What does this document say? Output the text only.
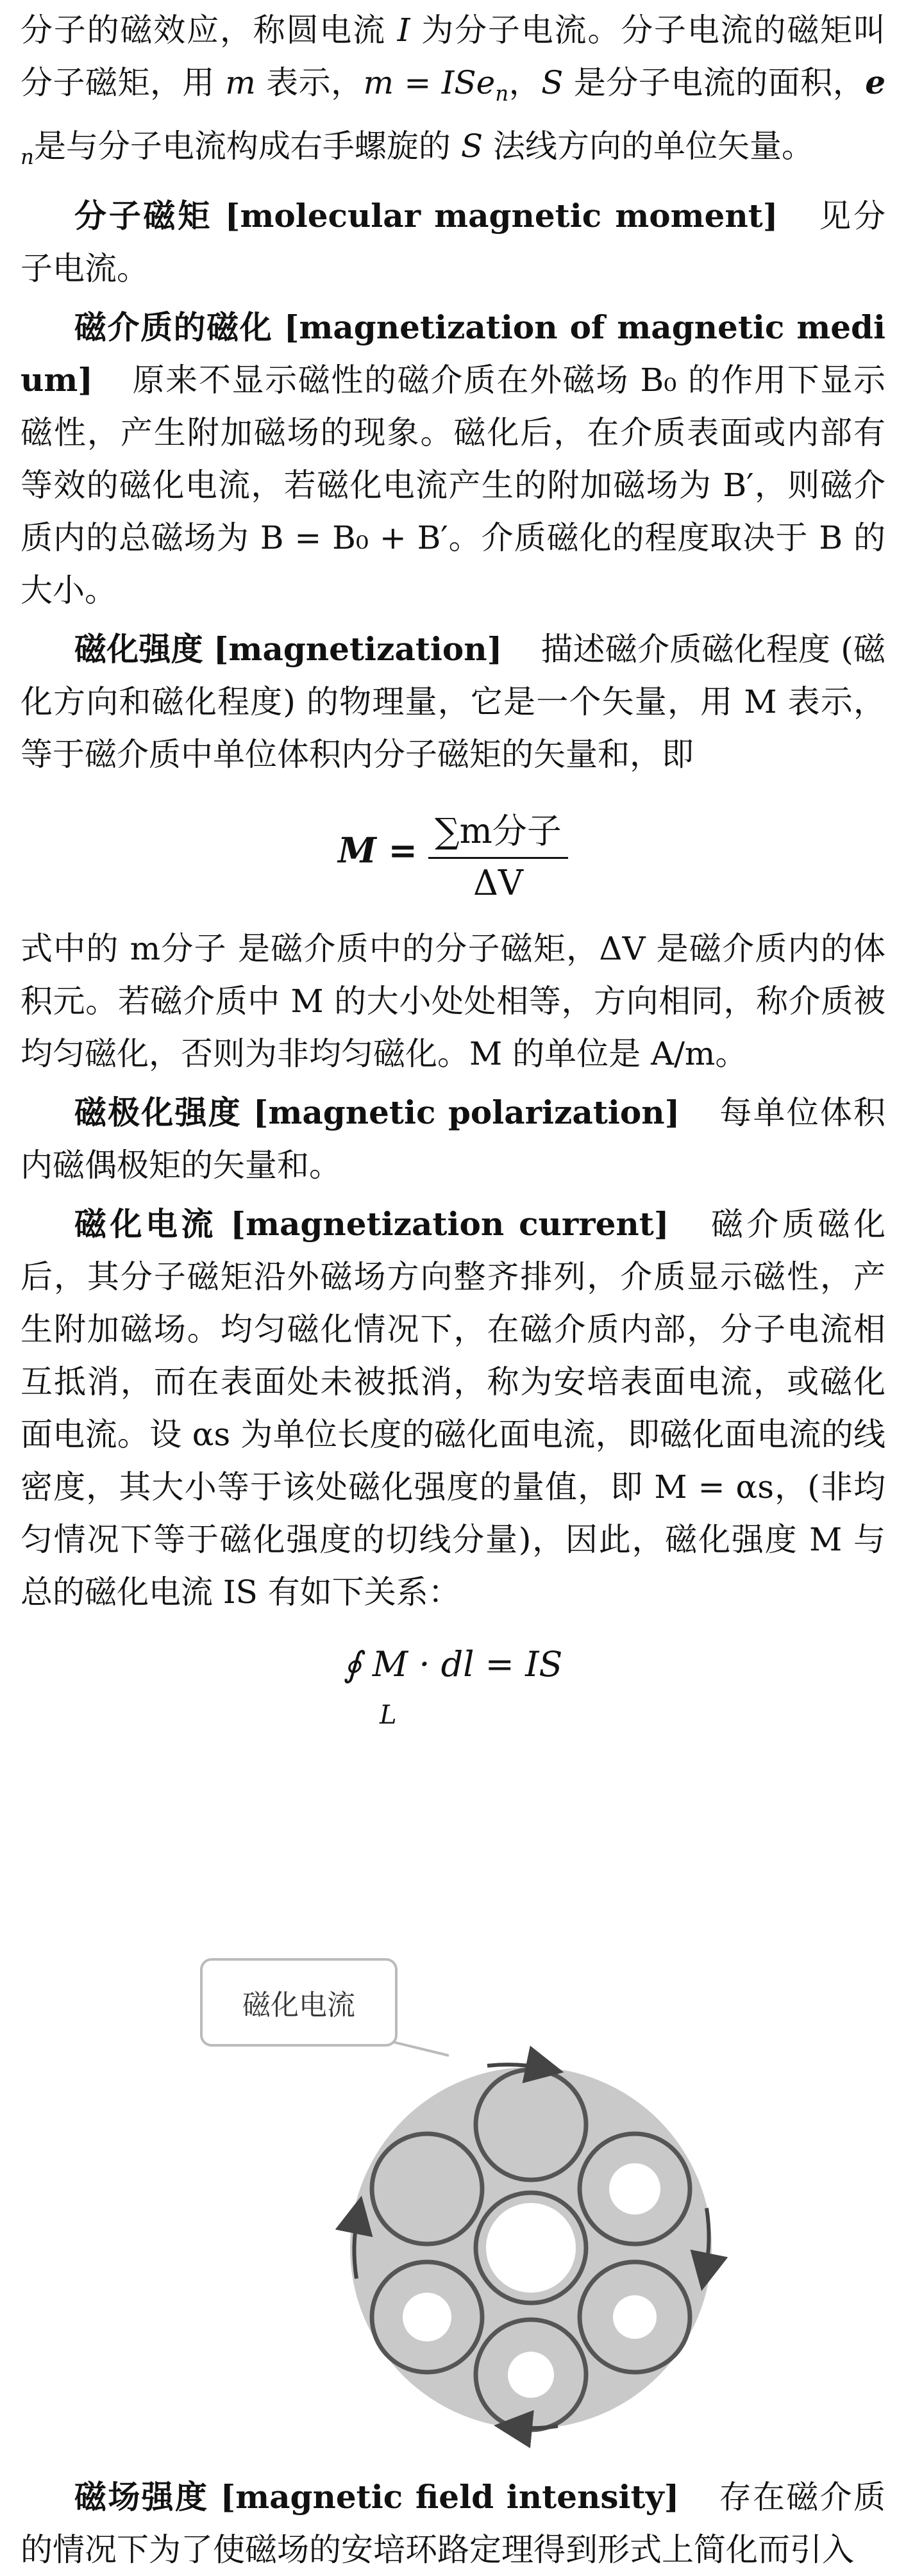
分子的磁效应，称圆电流 I 为分子电流。分子电流的磁矩叫分子磁矩，用 m 表示，m = ISe$_n$，S 是分子电流的面积，$e_n$是与分子电流构成右手螺旋的 S 法线方向的单位矢量。

分子磁矩 [molecular magnetic moment] 见分子电流。

磁介质的磁化 [magnetization of magnetic medium] 原来不显示磁性的磁介质在外磁场 B₀ 的作用下显示磁性，产生附加磁场的现象。磁化后，在介质表面或内部有等效的磁化电流，若磁化电流产生的附加磁场为 B′，则磁介质内的总磁场为 B = B₀ + B′。介质磁化的程度取决于 B 的大小。

磁化强度 [magnetization] 描述磁介质磁化程度 (磁化方向和磁化程度) 的物理量，它是一个矢量，用 M 表示，等于磁介质中单位体积内分子磁矩的矢量和，即

$M = \frac{\text{∑m分子}}{\Delta V}$

式中的 m分子 是磁介质中的分子磁矩，ΔV 是磁介质内的体积元。若磁介质中 M 的大小处处相等，方向相同，称介质被均匀磁化，否则为非均匀磁化。M 的单位是 A/m。

磁极化强度 [magnetic polarization] 每单位体积内磁偶极矩的矢量和。

磁化电流 [magnetization current] 磁介质磁化后，其分子磁矩沿外磁场方向整齐排列，介质显示磁性，产生附加磁场。均匀磁化情况下，在磁介质内部，分子电流相互抵消，而在表面处未被抵消，称为安培表面电流，或磁化面电流。设 αs 为单位长度的磁化面电流，即磁化面电流的线密度，其大小等于该处磁化强度的量值，即 M = αs，(非均匀情况下等于磁化强度的切线分量)，因此，磁化强度 M 与总的磁化电流 IS 有如下关系：

∮ M · dl = IS
L
磁化电流

磁场强度 [magnetic field intensity] 存在磁介质的情况下为了使磁场的安培环路定理得到形式上简化而引入
